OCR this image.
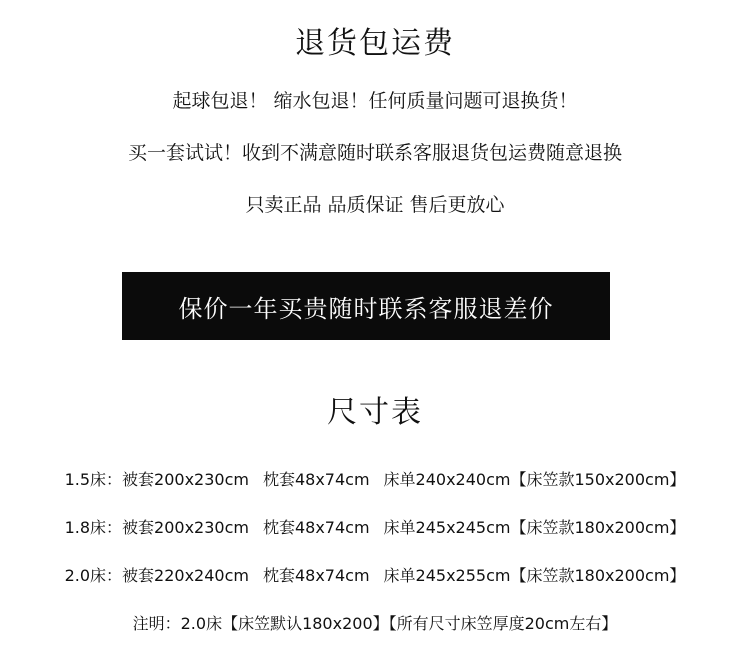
退货包运费
起球包退！ 缩水包退！任何质量问题可退换货！
买一套试试！收到不满意随时联系客服退货包运费随意退换
只卖正品 品质保证 售后更放心
保价一年买贵随时联系客服退差价
尺寸表
1.5床：被套200x230cm 枕套48x74cm 床单240x240cm【床笠款150x200cm】
1.8床：被套200x230cm 枕套48x74cm 床单245x245cm【床笠款180x200cm】
2.0床：被套220x240cm 枕套48x74cm 床单245x255cm【床笠款180x200cm】
注明：2.0床【床笠默认180x200】【所有尺寸床笠厚度20cm左右】
